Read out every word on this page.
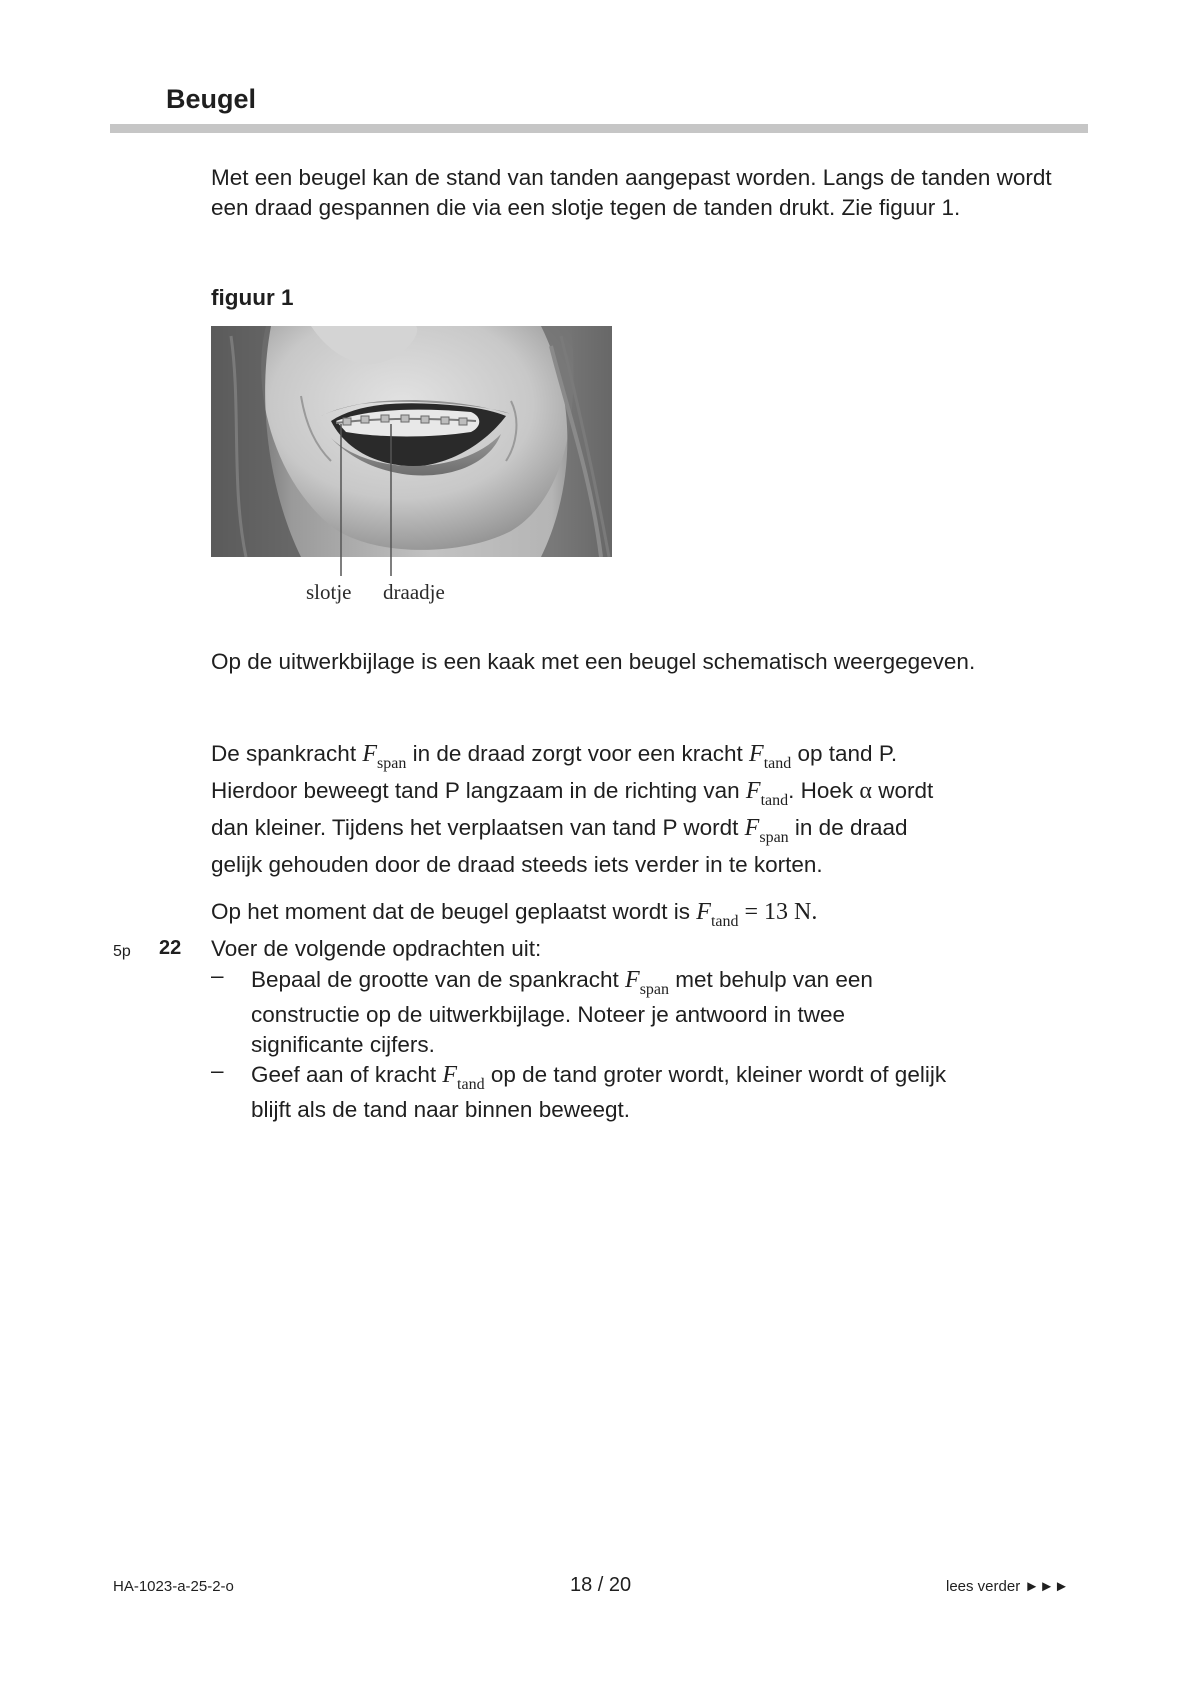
Beugel
Met een beugel kan de stand van tanden aangepast worden. Langs de tanden wordt een draad gespannen die via een slotje tegen de tanden drukt. Zie figuur 1.
figuur 1
slotje draadje
Op de uitwerkbijlage is een kaak met een beugel schematisch weergegeven.
De spankracht $F_{span}$ in de draad zorgt voor een kracht $F_{tand}$ op tand P.
Hierdoor beweegt tand P langzaam in de richting van $F_{tand}$. Hoek α wordt
dan kleiner. Tijdens het verplaatsen van tand P wordt $F_{span}$ in de draad
gelijk gehouden door de draad steeds iets verder in te korten.
Op het moment dat de beugel geplaatst wordt is $F_{tand} = 13$ N.
5p 22 Voer de volgende opdrachten uit:
– Bepaal de grootte van de spankracht $F_{span}$ met behulp van een
constructie op de uitwerkbijlage. Noteer je antwoord in twee
significante cijfers.
– Geef aan of kracht $F_{tand}$ op de tand groter wordt, kleiner wordt of gelijk
blijft als de tand naar binnen beweegt.
HA-1023-a-25-2-o	18 / 20	lees verder ►►►
